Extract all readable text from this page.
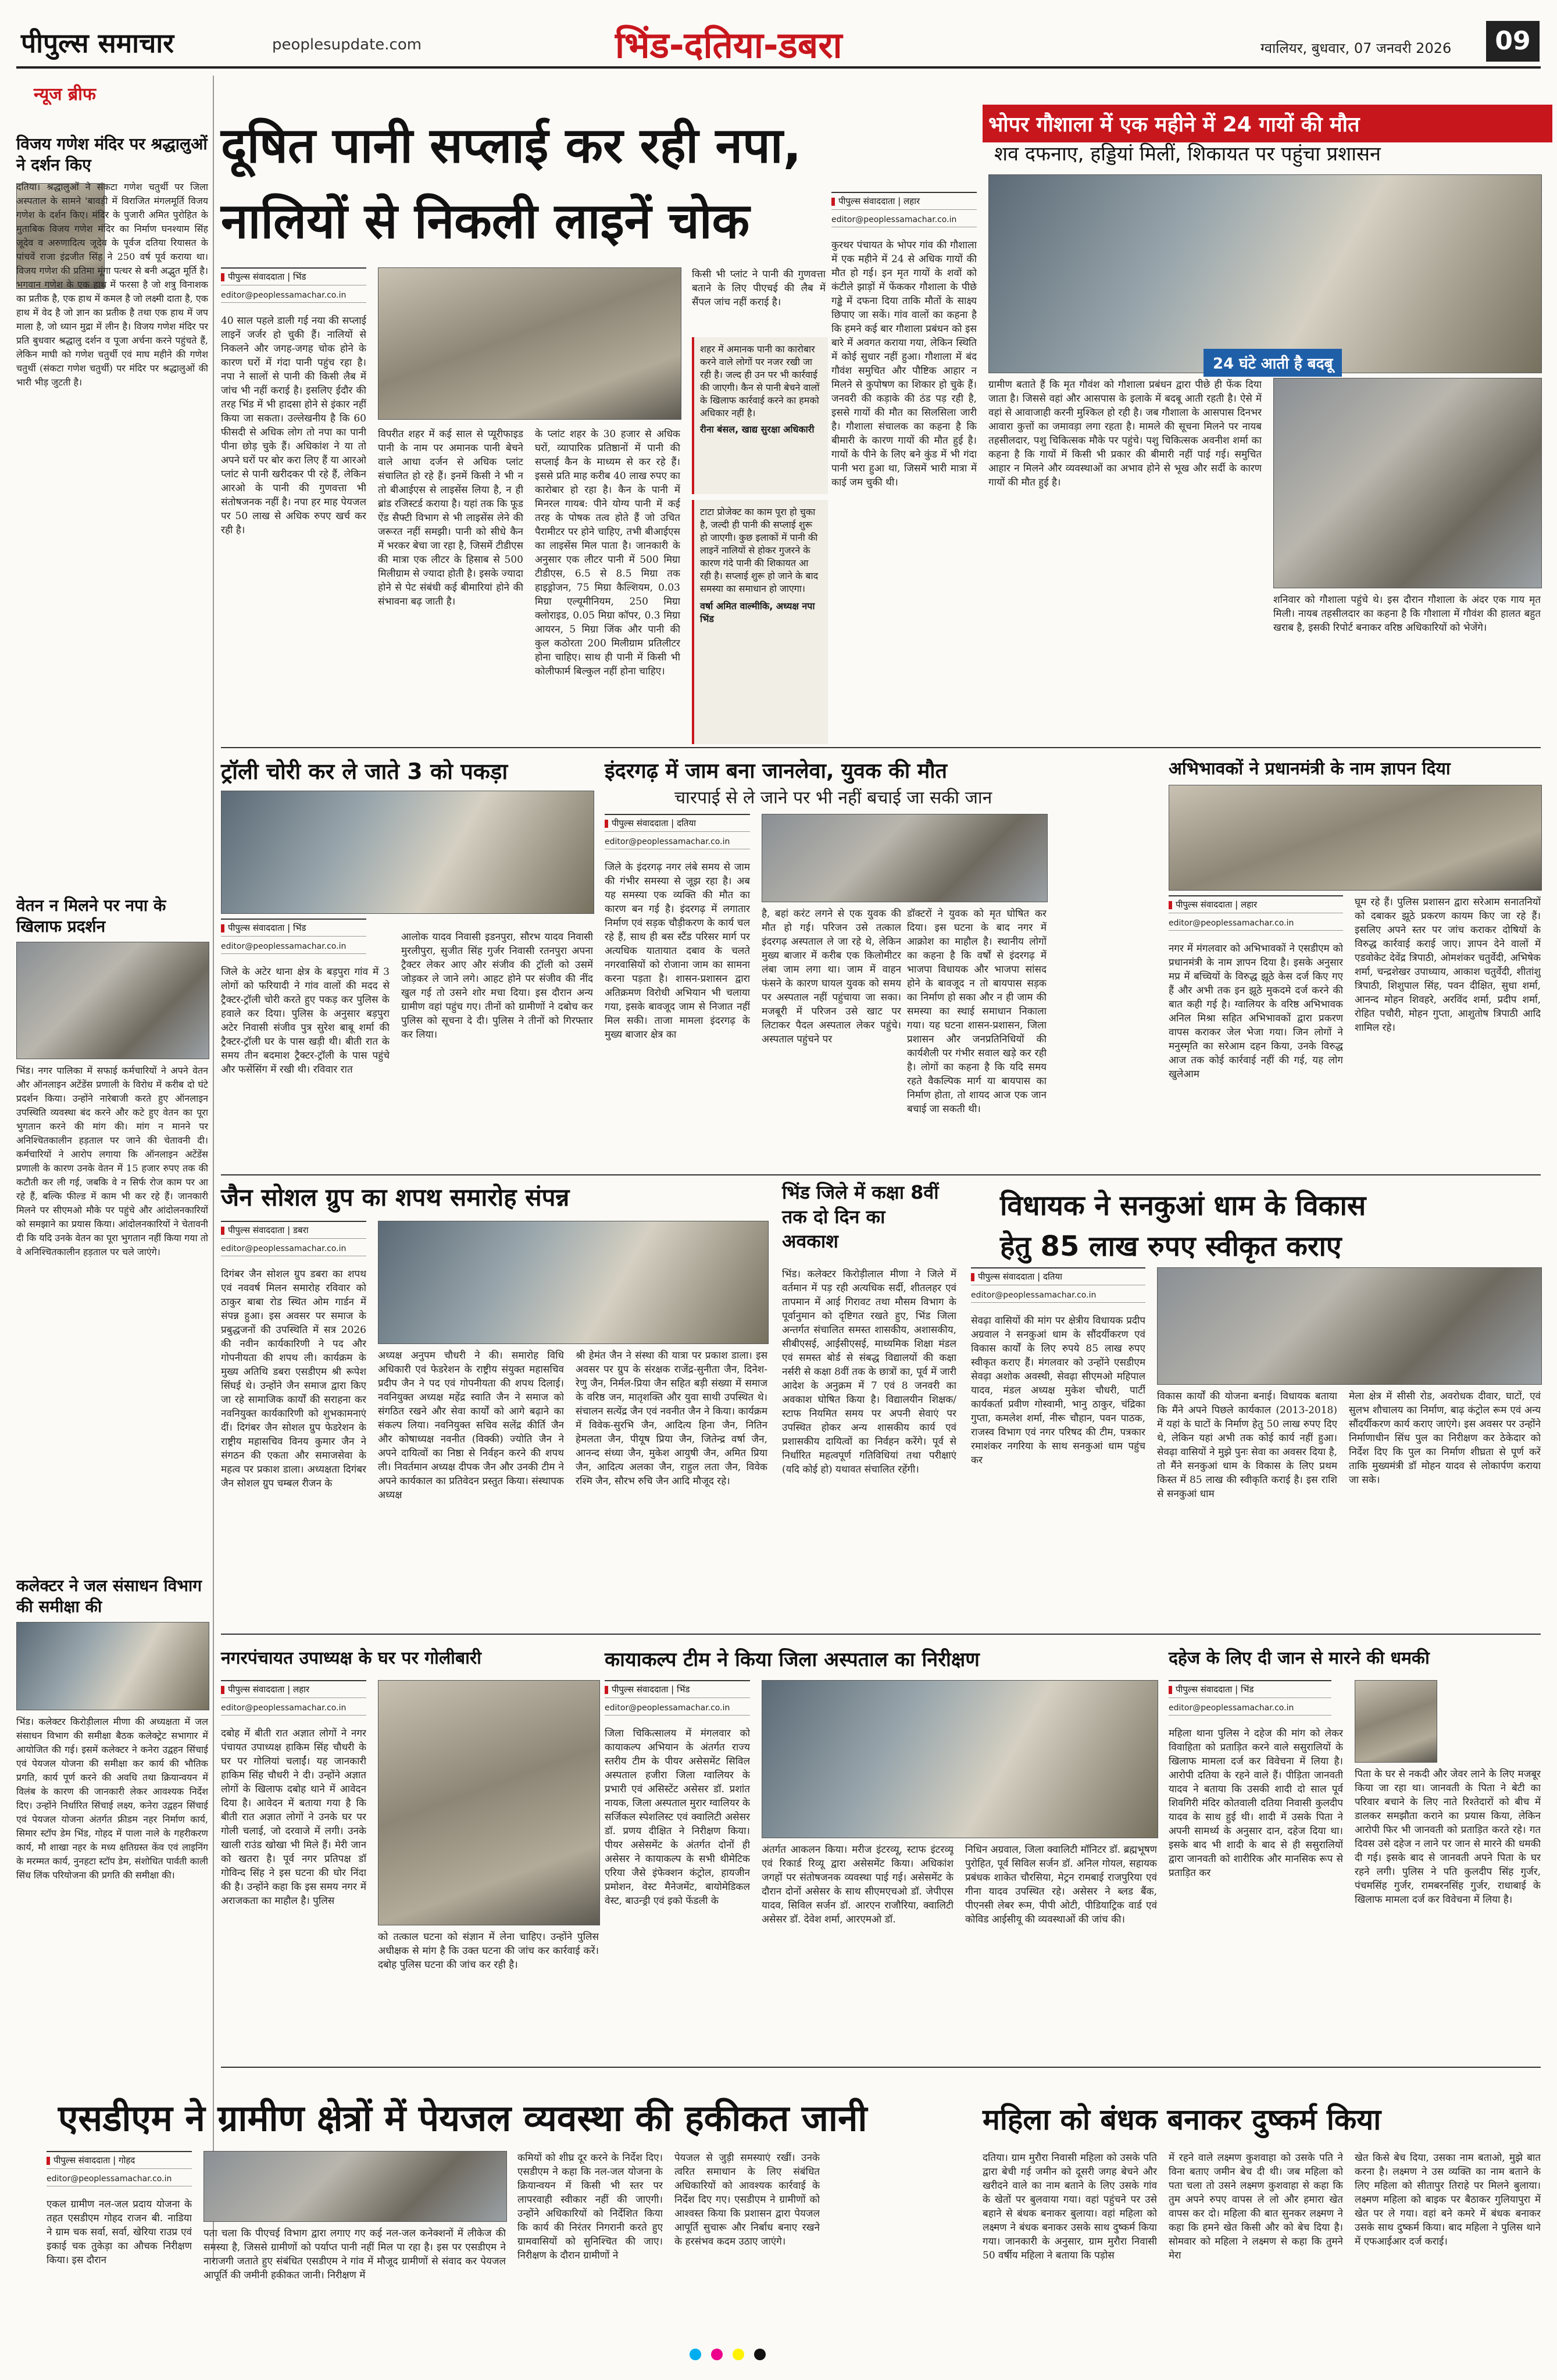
पीपुल्स समाचार	peoplesupdate.com	भिंड-दतिया-डबरा	ग्वालियर, बुधवार, 07 जनवरी 2026	09
न्यूज ब्रीफ
विजय गणेश मंदिर पर श्रद्धालुओं ने दर्शन किए
दतिया। श्रद्धालुओं ने संकटा गणेश चतुर्थी पर जिला अस्पताल के सामने 'बावड़ी में विराजित मंगलमूर्ति विजय गणेश के दर्शन किए। मंदिर के पुजारी अमित पुरोहित के मुताबिक विजय गणेश मंदिर का निर्माण घनश्याम सिंह जूदेव व अरुणादित्य जूदेव के पूर्वज दतिया रियासत के पांचवें राजा इंद्रजीत सिंह ने 250 वर्ष पूर्व कराया था। विजय गणेश की प्रतिमा मूंगा पत्थर से बनी अद्भुत मूर्ति है। भगवान गणेश के एक हाथ में फरसा है जो शत्रु विनाशक का प्रतीक है, एक हाथ में कमल है जो लक्ष्मी दाता है, एक हाथ में वेद है जो ज्ञान का प्रतीक है तथा एक हाथ में जप माला है, जो ध्यान मुद्रा में लीन है। विजय गणेश मंदिर पर प्रति बुधवार श्रद्धालु दर्शन व पूजा अर्चना करने पहुंचते हैं, लेकिन माघी को गणेश चतुर्थी एवं माघ महीने की गणेश चतुर्थी (संकटा गणेश चतुर्थी) पर मंदिर पर श्रद्धालुओं की भारी भीड़ जुटती है।
वेतन न मिलने पर नपा के खिलाफ प्रदर्शन
भिंड। नगर पालिका में सफाई कर्मचारियों ने अपने वेतन और ऑनलाइन अटेंडेंस प्रणाली के विरोध में करीब दो घंटे प्रदर्शन किया। उन्होंने नारेबाजी करते हुए ऑनलाइन उपस्थिति व्यवस्था बंद करने और कटे हुए वेतन का पूरा भुगतान करने की मांग की। मांग न मानने पर अनिश्चितकालीन हड़ताल पर जाने की चेतावनी दी। कर्मचारियों ने आरोप लगाया कि ऑनलाइन अटेंडेंस प्रणाली के कारण उनके वेतन में 15 हजार रुपए तक की कटौती कर ली गई, जबकि वे न सिर्फ रोज काम पर आ रहे हैं, बल्कि फील्ड में काम भी कर रहे हैं। जानकारी मिलने पर सीएमओ मौके पर पहुंचे और आंदोलनकारियों को समझाने का प्रयास किया। आंदोलनकारियों ने चेतावनी दी कि यदि उनके वेतन का पूरा भुगतान नहीं किया गया तो वे अनिश्चितकालीन हड़ताल पर चले जाएंगे।
कलेक्टर ने जल संसाधन विभाग की समीक्षा की
भिंड। कलेक्टर किरोड़ीलाल मीणा की अध्यक्षता में जल संसाधन विभाग की समीक्षा बैठक कलेक्ट्रेट सभागार में आयोजित की गई। इसमें कलेक्टर ने कनेरा उद्वहन सिंचाई एवं पेयजल योजना की समीक्षा कर कार्य की भौतिक प्रगति, कार्य पूर्ण करने की अवधि तथा क्रियान्वयन में विलंब के कारण की जानकारी लेकर आवश्यक निर्देश दिए। उन्होंने निर्धारित सिंचाई लक्ष्य, कनेरा उद्वहन सिंचाई एवं पेयजल योजना अंतर्गत फ्रीडम नहर निर्माण कार्य, सिमार स्टॉप डेम भिंड, गोहद में पाला नाले के गहरीकरण कार्य, मौ शाखा नहर के मध्य क्षतिग्रस्त केंव एवं लाइनिंग के मरम्मत कार्य, नुनहटा स्टॉप डेम, संशोधित पार्वती काली सिंध लिंक परियोजना की प्रगति की समीक्षा की।
दूषित पानी सप्लाई कर रही नपा,
नालियों से निकली लाइनें चोक
पीपुल्स संवाददाता | भिंड
editor@peoplessamachar.co.in
40 साल पहले डाली गई नया की सप्लाई लाइनें जर्जर हो चुकी हैं। नालियों से निकलने और जगह-जगह चोक होने के कारण घरों में गंदा पानी पहुंच रहा है। नपा ने सालों से पानी की किसी लैब में जांच भी नहीं कराई है। इसलिए ईदौर की तरह भिंड में भी हादसा होने से इंकार नहीं किया जा सकता। उल्लेखनीय है कि 60 फीसदी से अधिक लोग तो नपा का पानी पीना छोड़ चुके हैं। अधिकांश ने या तो अपने घरों पर बोर करा लिए हैं या आरओ प्लांट से पानी खरीदकर पी रहे हैं, लेकिन आरओ के पानी की गुणवत्ता भी संतोषजनक नहीं है। नपा हर माह पेयजल पर 50 लाख से अधिक रुपए खर्च कर रही है।
विपरीत शहर में कई साल से प्यूरीफाइड पानी के नाम पर अमानक पानी बेचने वाले आधा दर्जन से अधिक प्लांट संचालित हो रहे हैं। इनमें किसी ने भी न तो बीआईएस से लाइसेंस लिया है, न ही ब्रांड रजिस्टर्ड कराया है। यहां तक कि फूड ऐंड सैफ्टी विभाग से भी लाइसेंस लेने की जरूरत नहीं समझी। पानी को सीधे कैन में भरकर बेचा जा रहा है, जिसमें टीडीएस की मात्रा एक लीटर के हिसाब से 500 मिलीग्राम से ज्यादा होती है। इसके ज्यादा होने से पेट संबंधी कई बीमारियां होने की संभावना बढ़ जाती है।
के प्लांट शहर के 30 हजार से अधिक घरों, व्यापारिक प्रतिष्ठानों में पानी की सप्लाई कैन के माध्यम से कर रहे हैं। इससे प्रति माह करीब 40 लाख रुपए का कारोबार हो रहा है। कैन के पानी में मिनरल गायब: पीने योग्य पानी में कई तरह के पोषक तत्व होते हैं जो उचित पैरामीटर पर होने चाहिए, तभी बीआईएस का लाइसेंस मिल पाता है। जानकारी के अनुसार एक लीटर पानी में 500 मिग्रा टीडीएस, 6.5 से 8.5 मिग्रा तक हाइड्रोजन, 75 मिग्रा कैल्शियम, 0.03 मिग्रा एल्यूमीनियम, 250 मिग्रा क्लोराइड, 0.05 मिग्रा कॉपर, 0.3 मिग्रा आयरन, 5 मिग्रा जिंक और पानी की कुल कठोरता 200 मिलीग्राम प्रतिलीटर होना चाहिए। साथ ही पानी में किसी भी कोलीफार्म बिल्कुल नहीं होना चाहिए।
किसी भी प्लांट ने पानी की गुणवत्ता बताने के लिए पीएचई की लैब में सैंपल जांच नहीं कराई है।
शहर में अमानक पानी का कारोबार करने वाले लोगों पर नजर रखी जा रही है। जल्द ही उन पर भी कार्रवाई की जाएगी। कैन से पानी बेचने वालों के खिलाफ कार्रवाई करने का हमको अधिकार नहीं है।
रीना बंसल, खाद्य सुरक्षा अधिकारी
टाटा प्रोजेक्ट का काम पूरा हो चुका है, जल्दी ही पानी की सप्लाई शुरू हो जाएगी। कुछ इलाकों में पानी की लाइनें नालियों से होकर गुजरने के कारण गंदे पानी की शिकायत आ रही है। सप्लाई शुरू हो जाने के बाद समस्या का समाधान हो जाएगा।
वर्षा अमित वाल्मीकि, अध्यक्ष नपा भिंड
भोपर गौशाला में एक महीने में 24 गायों की मौत
शव दफनाए, हड्डियां मिलीं, शिकायत पर पहुंचा प्रशासन
पीपुल्स संवाददाता | लहार
editor@peoplessamachar.co.in
कुरथर पंचायत के भोपर गांव की गौशाला में एक महीने में 24 से अधिक गायों की मौत हो गई। इन मृत गायों के शवों को कंटीले झाड़ों में फेंककर गौशाला के पीछे गड्ढे में दफना दिया ताकि मौतों के साक्ष्य छिपाए जा सकें। गांव वालों का कहना है कि हमने कई बार गौशाला प्रबंधन को इस बारे में अवगत कराया गया, लेकिन स्थिति में कोई सुधार नहीं हुआ। गौशाला में बंद गौवंश समुचित और पौष्टिक आहार न मिलने से कुपोषण का शिकार हो चुके हैं। जनवरी की कड़ाके की ठंड पड़ रही है, इससे गायों की मौत का सिलसिला जारी है। गौशाला संचालक का कहना है कि बीमारी के कारण गायों की मौत हुई है। गायों के पीने के लिए बने कुंड में भी गंदा पानी भरा हुआ था, जिसमें भारी मात्रा में काई जम चुकी थी।
24 घंटे आती है बदबू
ग्रामीण बताते हैं कि मृत गौवंश को गौशाला प्रबंधन द्वारा पीछे ही फेंक दिया जाता है। जिससे वहां और आसपास के इलाके में बदबू आती रहती है। ऐसे में वहां से आवाजाही करनी मुश्किल हो रही है। जब गौशाला के आसपास दिनभर आवारा कुत्तों का जमावड़ा लगा रहता है। मामले की सूचना मिलने पर नायब तहसीलदार, पशु चिकित्सक मौके पर पहुंचे। पशु चिकित्सक अवनीश शर्मा का कहना है कि गायों में किसी भी प्रकार की बीमारी नहीं पाई गई। समुचित आहार न मिलने और व्यवस्थाओं का अभाव होने से भूख और सर्दी के कारण गायों की मौत हुई है।
शनिवार को गौशाला पहुंचे थे। इस दौरान गौशाला के अंदर एक गाय मृत मिली। नायब तहसीलदार का कहना है कि गौशाला में गौवंश की हालत बहुत खराब है, इसकी रिपोर्ट बनाकर वरिष्ठ अधिकारियों को भेजेंगे।
ट्रॉली चोरी कर ले जाते 3 को पकड़ा
पीपुल्स संवाददाता | भिंड
editor@peoplessamachar.co.in
जिले के अटेर थाना क्षेत्र के बड़पुरा गांव में 3 लोगों को फरियादी ने गांव वालों की मदद से ट्रैक्टर-ट्रॉली चोरी करते हुए पकड़ कर पुलिस के हवाले कर दिया। पुलिस के अनुसार बड़पुरा अटेर निवासी संजीव पुत्र सुरेश बाबू शर्मा की ट्रैक्टर-ट्रॉली घर के पास खड़ी थी। बीती रात के समय तीन बदमाश ट्रैक्टर-ट्रॉली के पास पहुंचे और फसेंसिंग में रखी थी। रविवार रात
आलोक यादव निवासी इडनपुरा, सौरभ यादव निवासी मुरलीपुरा, सुजीत सिंह गुर्जर निवासी रतनपुरा अपना ट्रैक्टर लेकर आए और संजीव की ट्रॉली को उसमें जोड़कर ले जाने लगे। आहट होने पर संजीव की नींद खुल गई तो उसने शोर मचा दिया। इस दौरान अन्य ग्रामीण वहां पहुंच गए। तीनों को ग्रामीणों ने दबोच कर पुलिस को सूचना दे दी। पुलिस ने तीनों को गिरफ्तार कर लिया।
इंदरगढ़ में जाम बना जानलेवा, युवक की मौत
चारपाई से ले जाने पर भी नहीं बचाई जा सकी जान
पीपुल्स संवाददाता | दतिया
editor@peoplessamachar.co.in
जिले के इंदरगढ़ नगर लंबे समय से जाम की गंभीर समस्या से जूझ रहा है। अब यह समस्या एक व्यक्ति की मौत का कारण बन गई है। इंदरगढ़ में लगातार निर्माण एवं सड़क चौड़ीकरण के कार्य चल रहे हैं, साथ ही बस स्टैंड परिसर मार्ग पर अत्यधिक यातायात दबाव के चलते नगरवासियों को रोजाना जाम का सामना करना पड़ता है। शासन-प्रशासन द्वारा अतिक्रमण विरोधी अभियान भी चलाया गया, इसके बावजूद जाम से निजात नहीं मिल सकी। ताजा मामला इंदरगढ़ के मुख्य बाजार क्षेत्र का
है, बहां करंट लगने से एक युवक की मौत हो गई। परिजन उसे तत्काल इंदरगढ़ अस्पताल ले जा रहे थे, लेकिन मुख्य बाजार में करीब एक किलोमीटर लंबा जाम लगा था। जाम में वाहन फंसने के कारण घायल युवक को समय पर अस्पताल नहीं पहुंचाया जा सका। मजबूरी में परिजन उसे खाट पर लिटाकर पैदल अस्पताल लेकर पहुंचे। अस्पताल पहुंचने पर
डॉक्टरों ने युवक को मृत घोषित कर दिया। इस घटना के बाद नगर में आक्रोश का माहौल है। स्थानीय लोगों का कहना है कि वर्षों से इंदरगढ़ में भाजपा विधायक और भाजपा सांसद होने के बावजूद न तो बायपास सड़क का निर्माण हो सका और न ही जाम की समस्या का स्थाई समाधान निकाला गया। यह घटना शासन-प्रशासन, जिला प्रशासन और जनप्रतिनिधियों की कार्यशैली पर गंभीर सवाल खड़े कर रही है। लोगों का कहना है कि यदि समय रहते वैकल्पिक मार्ग या बायपास का निर्माण होता, तो शायद आज एक जान बचाई जा सकती थी।
अभिभावकों ने प्रधानमंत्री के नाम ज्ञापन दिया
पीपुल्स संवाददाता | लहार
editor@peoplessamachar.co.in
नगर में मंगलवार को अभिभावकों ने एसडीएम को प्रधानमंत्री के नाम ज्ञापन दिया है। इसके अनुसार मप्र में बच्चियों के विरुद्ध झूठे केस दर्ज किए गए हैं और अभी तक इन झूठे मुकदमे दर्ज करने की बात कही गई है। ग्वालियर के वरिष्ठ अभिभावक अनिल मिश्रा सहित अभिभावकों द्वारा प्रकरण वापस कराकर जेल भेजा गया। जिन लोगों ने मनुस्मृति का सरेआम दहन किया, उनके विरुद्ध आज तक कोई कार्रवाई नहीं की गई, यह लोग खुलेआम
घूम रहे हैं। पुलिस प्रशासन द्वारा सरेआम सनातनियों को दबाकर झूठे प्रकरण कायम किए जा रहे हैं। इसलिए अपने स्तर पर जांच कराकर दोषियों के विरुद्ध कार्रवाई कराई जाए। ज्ञापन देने वालों में एडवोकेट देवेंद्र त्रिपाठी, ओमशंकर चतुर्वेदी, अभिषेक शर्मा, चन्द्रशेखर उपाध्याय, आकाश चतुर्वेदी, शीतांशु त्रिपाठी, शिशुपाल सिंह, पवन दीक्षित, सुधा शर्मा, आनन्द मोहन शिवहरे, अरविंद शर्मा, प्रदीप शर्मा, रोहित पचौरी, मोहन गुप्ता, आशुतोष त्रिपाठी आदि शामिल रहे।
जैन सोशल ग्रुप का शपथ समारोह संपन्न
पीपुल्स संवाददाता | डबरा
editor@peoplessamachar.co.in
दिगंबर जैन सोशल ग्रुप डबरा का शपथ एवं नववर्ष मिलन समारोह रविवार को ठाकुर बाबा रोड स्थित ओम गार्डन में संपन्न हुआ। इस अवसर पर समाज के प्रबुद्धजनों की उपस्थिति में सत्र 2026 की नवीन कार्यकारिणी ने पद और गोपनीयता की शपथ ली। कार्यक्रम के मुख्य अतिथि डबरा एसडीएम श्री रूपेश सिंघई थे। उन्होंने जैन समाज द्वारा किए जा रहे सामाजिक कार्यों की सराहना कर नवनियुक्त कार्यकारिणी को शुभकामनाएं दीं। दिगंबर जैन सोशल ग्रुप फेडरेशन के राष्ट्रीय महासचिव विनय कुमार जैन ने संगठन की एकता और समाजसेवा के महत्व पर प्रकाश डाला। अध्यक्षता दिगंबर जैन सोशल ग्रुप चम्बल रीजन के
अध्यक्ष अनुपम चौधरी ने की। समारोह विधि अधिकारी एवं फेडरेशन के राष्ट्रीय संयुक्त महासचिव प्रदीप जैन ने पद एवं गोपनीयता की शपथ दिलाई। नवनियुक्त अध्यक्ष महेंद्र स्वाति जैन ने समाज को संगठित रखने और सेवा कार्यों को आगे बढ़ाने का संकल्प लिया। नवनियुक्त सचिव सलेंद्र कीर्ति जैन और कोषाध्यक्ष नवनीत (विक्की) ज्योति जैन ने अपने दायित्वों का निष्ठा से निर्वहन करने की शपथ ली। निवर्तमान अध्यक्ष दीपक जैन और उनकी टीम ने अपने कार्यकाल का प्रतिवेदन प्रस्तुत किया। संस्थापक अध्यक्ष
श्री हेमंत जैन ने संस्था की यात्रा पर प्रकाश डाला। इस अवसर पर ग्रुप के संरक्षक राजेंद्र-सुनीता जैन, दिनेश-रेणु जैन, निर्मल-प्रिया जैन सहित बड़ी संख्या में समाज के वरिष्ठ जन, मातृशक्ति और युवा साथी उपस्थित थे। संचालन सत्येंद्र जैन एवं नवनीत जैन ने किया। कार्यक्रम में विवेक-सुरभि जैन, आदित्य हिना जैन, नितिन हेमलता जैन, पीयूष प्रिया जैन, जितेन्द्र वर्षा जैन, आनन्द संध्या जैन, मुकेश आयुषी जैन, अमित प्रिया जैन, आदित्य अलका जैन, राहुल लता जैन, विवेक रश्मि जैन, सौरभ रुचि जैन आदि मौजूद रहे।
भिंड जिले में कक्षा 8वीं तक दो दिन का अवकाश
भिंड। कलेक्टर किरोड़ीलाल मीणा ने जिले में वर्तमान में पड़ रही अत्यधिक सर्दी, शीतलहर एवं तापमान में आई गिरावट तथा मौसम विभाग के पूर्वानुमान को दृष्टिगत रखते हुए, भिंड जिला अन्तर्गत संचालित समस्त शासकीय, अशासकीय, सीबीएसई, आईसीएसई, माध्यमिक शिक्षा मंडल एवं समस्त बोर्ड से संबद्ध विद्यालयों की कक्षा नर्सरी से कक्षा 8वीं तक के छात्रों का, पूर्व में जारी आदेश के अनुक्रम में 7 एवं 8 जनवरी का अवकाश घोषित किया है। विद्यालयीन शिक्षक/स्टाफ नियमित समय पर अपनी सेवाएं पर उपस्थित होकर अन्य शासकीय कार्य एवं प्रशासकीय दायित्वों का निर्वहन करेंगे। पूर्व से निर्धारित महत्वपूर्ण गतिविधियां तथा परीक्षाएं (यदि कोई हो) यथावत संचालित रहेंगी।
विधायक ने सनकुआं धाम के विकास
हेतु 85 लाख रुपए स्वीकृत कराए
पीपुल्स संवाददाता | दतिया
editor@peoplessamachar.co.in
सेवढ़ा वासियों की मांग पर क्षेत्रीय विधायक प्रदीप अग्रवाल ने सनकुआं धाम के सौंदर्यीकरण एवं विकास कार्यों के लिए रुपये 85 लाख रुपए स्वीकृत कराए हैं। मंगलवार को उन्होंने एसडीएम सेवढ़ा अशोक अवस्थी, सेवढ़ा सीएमओ महिपाल यादव, मंडल अध्यक्ष मुकेश चौधरी, पार्टी कार्यकर्ता प्रवीण गोस्वामी, भानु ठाकुर, चंद्रिका गुप्ता, कमलेश शर्मा, नीरू चौहान, पवन पाठक, राजस्व विभाग एवं नगर परिषद की टीम, पत्रकार रमाशंकर नगरिया के साथ सनकुआं धाम पहुंच कर
विकास कार्यों की योजना बनाई। विधायक बताया कि मैंने अपने पिछले कार्यकाल (2013-2018) में यहां के घाटों के निर्माण हेतु 50 लाख रुपए दिए थे, लेकिन यहां अभी तक कोई कार्य नहीं हुआ। सेवढ़ा वासियों ने मुझे पुनः सेवा का अवसर दिया है, तो मैंने सनकुआं धाम के विकास के लिए प्रथम किस्त में 85 लाख की स्वीकृति कराई है। इस राशि से सनकुआं धाम
मेला क्षेत्र में सीसी रोड, अवरोधक दीवार, घाटों, एवं सुलभ शौचालय का निर्माण, बाढ़ कंट्रोल रूम एवं अन्य सौंदर्यीकरण कार्य कराए जाएंगे। इस अवसर पर उन्होंने निर्माणाधीन सिंध पुल का निरीक्षण कर ठेकेदार को निर्देश दिए कि पुल का निर्माण शीघ्रता से पूर्ण करें ताकि मुख्यमंत्री डॉ मोहन यादव से लोकार्पण कराया जा सके।
नगरपंचायत उपाध्यक्ष के घर पर गोलीबारी
पीपुल्स संवाददाता | लहार
editor@peoplessamachar.co.in
दबोह में बीती रात अज्ञात लोगों ने नगर पंचायत उपाध्यक्ष हाकिम सिंह चौधरी के घर पर गोलियां चलाईं। यह जानकारी हाकिम सिंह चौधरी ने दी। उन्होंने अज्ञात लोगों के खिलाफ दबोह थाने में आवेदन दिया है। आवेदन में बताया गया है कि बीती रात अज्ञात लोगों ने उनके घर पर गोली चलाई, जो दरवाजे में लगी। उनके खाली राउंड खोखा भी मिले हैं। मेरी जान को खतरा है। पूर्व नगर प्रतिपक्ष डॉ गोविन्द सिंह ने इस घटना की घोर निंदा की है। उन्होंने कहा कि इस समय नगर में अराजकता का माहौल है। पुलिस
को तत्काल घटना को संज्ञान में लेना चाहिए। उन्होंने पुलिस अधीक्षक से मांग है कि उक्त घटना की जांच कर कार्रवाई करें। दबोह पुलिस घटना की जांच कर रही है।
कायाकल्प टीम ने किया जिला अस्पताल का निरीक्षण
पीपुल्स संवाददाता | भिंड
editor@peoplessamachar.co.in
जिला चिकित्सालय में मंगलवार को कायाकल्प अभियान के अंतर्गत राज्य स्तरीय टीम के पीयर असेसमेंट सिविल अस्पताल हजीरा जिला ग्वालियर के प्रभारी एवं असिस्टेंट असेसर डॉ. प्रशांत नायक, जिला अस्पताल मुरार ग्वालियर के सर्जिकल स्पेशलिस्ट एवं क्वालिटी असेसर डॉ. प्रणय दीक्षित ने निरीक्षण किया। पीयर असेसमेंट के अंतर्गत दोनों ही असेसर ने कायाकल्प के सभी थीमेटिक एरिया जैसे इंफेक्शन कंट्रोल, हायजीन प्रमोशन, वेस्ट मैनेजमेंट, बायोमेडिकल वेस्ट, बाउन्ड्री एवं इको फेंडली के
अंतर्गत आकलन किया। मरीज इंटरव्यू, स्टाफ इंटरव्यू एवं रिकार्ड रिव्यू द्वारा असेसमेंट किया। अधिकांश जगहों पर संतोषजनक व्यवस्था पाई गई। असेसमेंट के दौरान दोनों असेसर के साथ सीएमएचओ डॉ. जेपीएस यादव, सिविल सर्जन डॉ. आरएन राजौरिया, क्वालिटी असेसर डॉ. देवेश शर्मा, आरएमओ डॉ.
निधिन अग्रवाल, जिला क्वालिटी मॉनिटर डॉ. ब्रह्मभूषण पुरोहित, पूर्व सिविल सर्जन डॉ. अनिल गोयल, सहायक प्रबंधक शाकेत चौरसिया, मेट्रन रामबाई राजपुरिया एवं गीना यादव उपस्थित रहे। असेसर ने ब्लड बैंक, पीएनसी लेबर रूम, पीपी ओटी, पीडियाट्रिक वार्ड एवं कोविड आईसीयू की व्यवस्थाओं की जांच की।
दहेज के लिए दी जान से मारने की धमकी
पीपुल्स संवाददाता | भिंड
editor@peoplessamachar.co.in
महिला थाना पुलिस ने दहेज की मांग को लेकर विवाहिता को प्रताड़ित करने वाले ससुरालियों के खिलाफ मामला दर्ज कर विवेचना में लिया है। आरोपी दतिया के रहने वाले हैं। पीड़िता जानवती यादव ने बताया कि उसकी शादी दो साल पूर्व शिवगिरी मंदिर कोतवाली दतिया निवासी कुलदीप यादव के साथ हुई थी। शादी में उसके पिता ने अपनी सामर्थ्य के अनुसार दान, दहेज दिया था। इसके बाद भी शादी के बाद से ही ससुरालियों द्वारा जानवती को शारीरिक और मानसिक रूप से प्रताड़ित कर
पिता के घर से नकदी और जेवर लाने के लिए मजबूर किया जा रहा था। जानवती के पिता ने बेटी का परिवार बचाने के लिए नाते रिश्तेदारों को बीच में डालकर समझौता कराने का प्रयास किया, लेकिन आरोपी फिर भी जानवती को प्रताड़ित करते रहे। गत दिवस उसे दहेज न लाने पर जान से मारने की धमकी दी गई। इसके बाद से जानवती अपने पिता के घर रहने लगी। पुलिस ने पति कुलदीप सिंह गुर्जर, पंचमसिंह गुर्जर, रामबरनसिंह गुर्जर, राधाबाई के खिलाफ मामला दर्ज कर विवेचना में लिया है।
एसडीएम ने ग्रामीण क्षेत्रों में पेयजल व्यवस्था की हकीकत जानी
पीपुल्स संवाददाता | गोहद
editor@peoplessamachar.co.in
एकल ग्रामीण नल-जल प्रदाय योजना के तहत एसडीएम गोहद राजन बी. नाडिया ने ग्राम चक सर्वा, सर्वा, खेरिया राउप्र एवं इकाई चक तुकेड़ा का औचक निरीक्षण किया। इस दौरान
पता चला कि पीएचई विभाग द्वारा लगाए गए कई नल-जल कनेक्शनों में लीकेज की समस्या है, जिससे ग्रामीणों को पर्याप्त पानी नहीं मिल पा रहा है। इस पर एसडीएम ने नाराजगी जताते हुए संबंधित एसडीएम ने गांव में मौजूद ग्रामीणों से संवाद कर पेयजल आपूर्ति की जमीनी हकीकत जानी। निरीक्षण में
कमियों को शीघ्र दूर करने के निर्देश दिए। एसडीएम ने कहा कि नल-जल योजना के क्रियान्वयन में किसी भी स्तर पर लापरवाही स्वीकार नहीं की जाएगी। उन्होंने अधिकारियों को निर्देशित किया कि कार्य की निरंतर निगरानी करते हुए ग्रामवासियों को सुनिश्चित की जाए। निरीक्षण के दौरान ग्रामीणों ने
पेयजल से जुड़ी समस्याएं रखीं। उनके त्वरित समाधान के लिए संबंधित अधिकारियों को आवश्यक कार्रवाई के निर्देश दिए गए। एसडीएम ने ग्रामीणों को आश्वस्त किया कि प्रशासन द्वारा पेयजल आपूर्ति सुचारू और निर्बाध बनाए रखने के हरसंभव कदम उठाए जाएंगे।
महिला को बंधक बनाकर दुष्कर्म किया
दतिया। ग्राम मुरौरा निवासी महिला को उसके पति द्वारा बेची गई जमीन को दूसरी जगह बेचने और खरीदने वाले का नाम बताने के लिए उसके गांव के खेतों पर बुलवाया गया। वहां पहुंचने पर उसे बहाने से बंधक बनाकर बुलाया। वहां महिला को लक्ष्मण ने बंधक बनाकर उसके साथ दुष्कर्म किया गया। जानकारी के अनुसार, ग्राम मुरौरा निवासी 50 वर्षीय महिला ने बताया कि पड़ोस
में रहने वाले लक्ष्मण कुशवाहा को उसके पति ने विना बताए जमीन बेच दी थी। जब महिला को पता चला तो उसने लक्ष्मण कुशवाहा से कहा कि तुम अपने रुपए वापस ले लो और हमारा खेत वापस कर दो। महिला की बात सुनकर लक्ष्मण ने कहा कि हमने खेत किसी और को बेच दिया है। सोमवार को महिला ने लक्ष्मण से कहा कि तुमने मेरा
खेत किसे बेच दिया, उसका नाम बताओ, मुझे बात करना है। लक्ष्मण ने उस व्यक्ति का नाम बताने के लिए महिला को सीतापुर तिराहे पर मिलने बुलाया। लक्ष्मण महिला को बाइक पर बैठाकर गुलियापुरा में खेत पर ले गया। वहां बने कमरे में बंधक बनाकर उसके साथ दुष्कर्म किया। बाद महिला ने पुलिस थाने में एफआईआर दर्ज कराई।
